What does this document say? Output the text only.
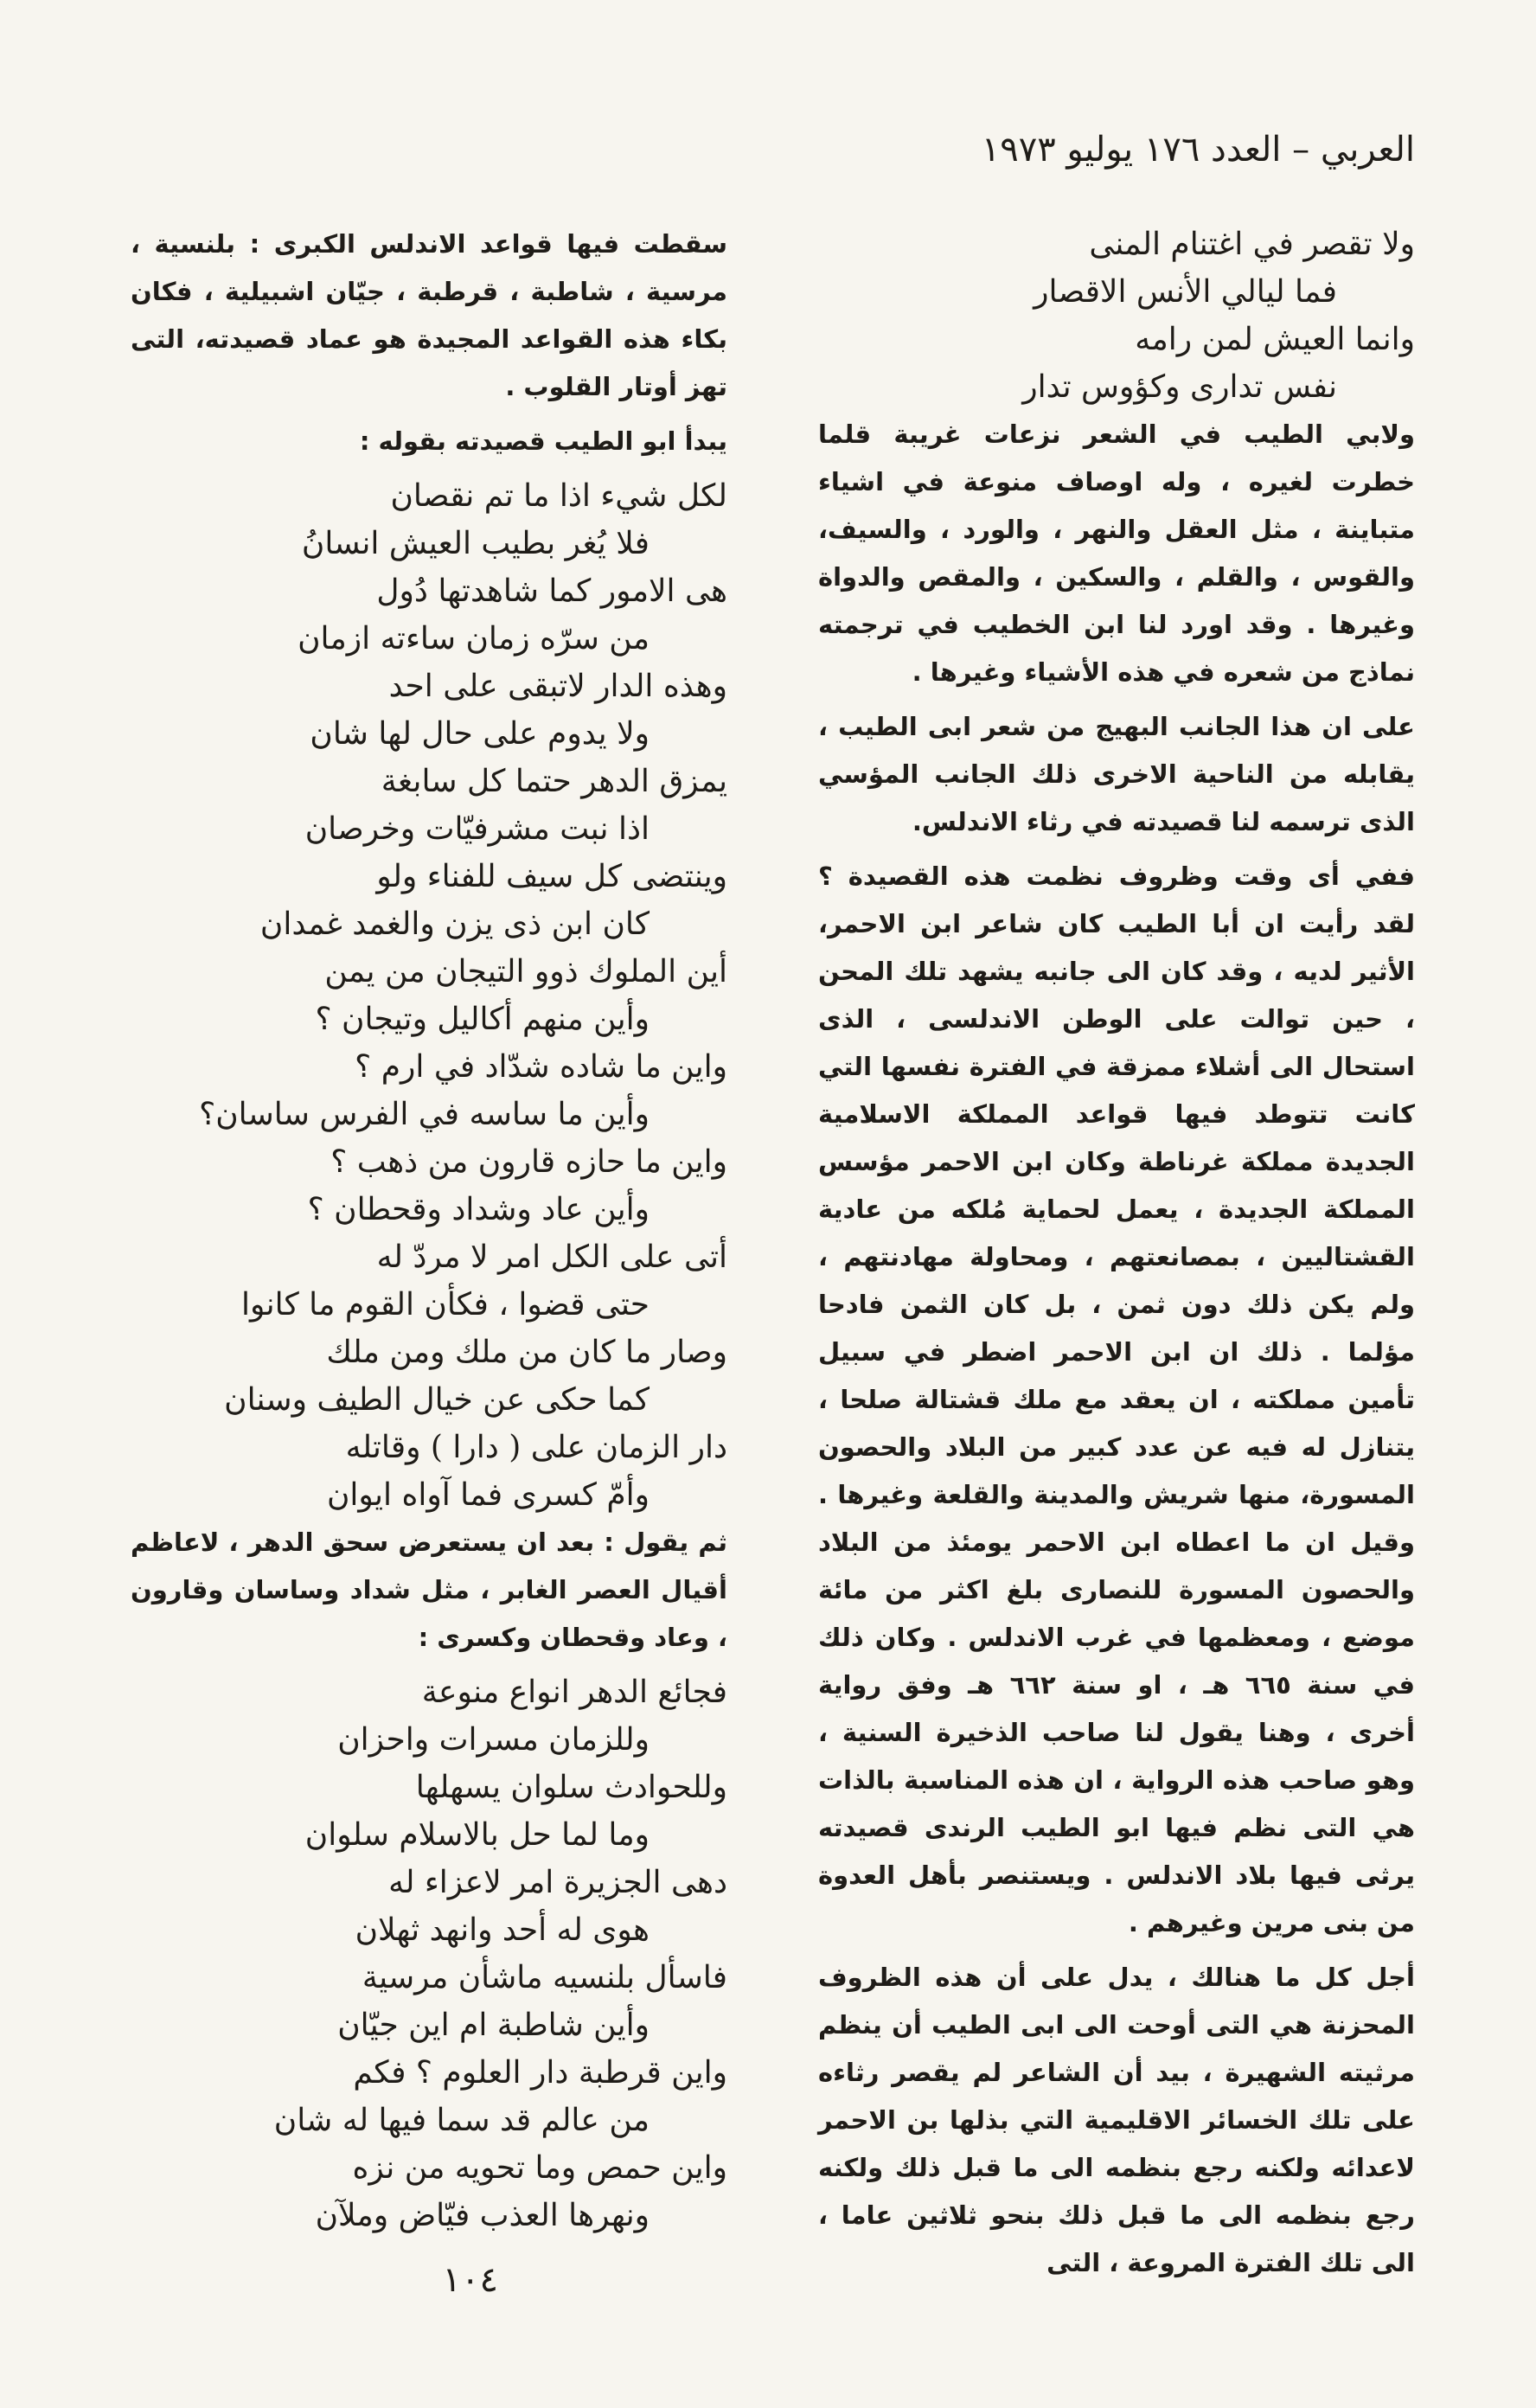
العربي – العدد ١٧٦ يوليو ١٩٧٣
ولا تقصر في اغتنام المنى
فما ليالي الأنس الاقصار
وانما العيش لمن رامه
نفس تدارى وكؤوس تدار

ولابي الطيب في الشعر نزعات غريبة قلما خطرت لغيره ، وله اوصاف منوعة في اشياء متباينة ، مثل العقل والنهر ، والورد ، والسيف، والقوس ، والقلم ، والسكين ، والمقص والدواة وغيرها . وقد اورد لنا ابن الخطيب في ترجمته نماذج من شعره في هذه الأشياء وغيرها .

على ان هذا الجانب البهيج من شعر ابى الطيب ، يقابله من الناحية الاخرى ذلك الجانب المؤسي الذى ترسمه لنا قصيدته في رثاء الاندلس.

ففي أى وقت وظروف نظمت هذه القصيدة ؟ لقد رأيت ان أبا الطيب كان شاعر ابن الاحمر، الأثير لديه ، وقد كان الى جانبه يشهد تلك المحن ، حين توالت على الوطن الاندلسى ، الذى استحال الى أشلاء ممزقة في الفترة نفسها التي كانت تتوطد فيها قواعد المملكة الاسلامية الجديدة مملكة غرناطة وكان ابن الاحمر مؤسس المملكة الجديدة ، يعمل لحماية مُلكه من عادية القشتاليين ، بمصانعتهم ، ومحاولة مهادنتهم ، ولم يكن ذلك دون ثمن ، بل كان الثمن فادحا مؤلما . ذلك ان ابن الاحمر اضطر في سبيل تأمين مملكته ، ان يعقد مع ملك قشتالة صلحا ، يتنازل له فيه عن عدد كبير من البلاد والحصون المسورة، منها شريش والمدينة والقلعة وغيرها . وقيل ان ما اعطاه ابن الاحمر يومئذ من البلاد والحصون المسورة للنصارى بلغ اكثر من مائة موضع ، ومعظمها في غرب الاندلس . وكان ذلك في سنة ٦٦٥ هـ ، او سنة ٦٦٢ هـ وفق رواية أخرى ، وهنا يقول لنا صاحب الذخيرة السنية ، وهو صاحب هذه الرواية ، ان هذه المناسبة بالذات هي التى نظم فيها ابو الطيب الرندى قصيدته يرثى فيها بلاد الاندلس . ويستنصر بأهل العدوة من بنى مرين وغيرهم .

أجل كل ما هنالك ، يدل على أن هذه الظروف المحزنة هي التى أوحت الى ابى الطيب أن ينظم مرثيته الشهيرة ، بيد أن الشاعر لم يقصر رثاءه على تلك الخسائر الاقليمية التي بذلها بن الاحمر لاعدائه ولكنه رجع بنظمه الى ما قبل ذلك ولكنه رجع بنظمه الى ما قبل ذلك بنحو ثلاثين عاما ، الى تلك الفترة المروعة ، التى

سقطت فيها قواعد الاندلس الكبرى : بلنسية ، مرسية ، شاطبة ، قرطبة ، جيّان اشبيلية ، فكان بكاء هذه القواعد المجيدة هو عماد قصيدته، التى تهز أوتار القلوب .

يبدأ ابو الطيب قصيدته بقوله :

لكل شيء اذا ما تم نقصان
فلا يُغر بطيب العيش انسانُ
هى الامور كما شاهدتها دُول
من سرّه زمان ساءته ازمان
وهذه الدار لاتبقى على احد
ولا يدوم على حال لها شان
يمزق الدهر حتما كل سابغة
اذا نبت مشرفيّات وخرصان
وينتضى كل سيف للفناء ولو
كان ابن ذى يزن والغمد غمدان
أين الملوك ذوو التيجان من يمن
وأين منهم أكاليل وتيجان ؟
واين ما شاده شدّاد في ارم ؟
وأين ما ساسه في الفرس ساسان؟
واين ما حازه قارون من ذهب ؟
وأين عاد وشداد وقحطان ؟
أتى على الكل امر لا مردّ له
حتى قضوا ، فكأن القوم ما كانوا
وصار ما كان من ملك ومن ملك
كما حكى عن خيال الطيف وسنان
دار الزمان على ( دارا ) وقاتله
وأمّ كسرى فما آواه ايوان

ثم يقول : بعد ان يستعرض سحق الدهر ، لاعاظم أقيال العصر الغابر ، مثل شداد وساسان وقارون ، وعاد وقحطان وكسرى :

فجائع الدهر انواع منوعة
وللزمان مسرات واحزان
وللحوادث سلوان يسهلها
وما لما حل بالاسلام سلوان
دهى الجزيرة امر لاعزاء له
هوى له أحد وانهد ثهلان
فاسأل بلنسيه ماشأن مرسية
وأين شاطبة ام اين جيّان
واين قرطبة دار العلوم ؟ فكم
من عالم قد سما فيها له شان
واين حمص وما تحويه من نزه
ونهرها العذب فيّاض وملآن
١٠٤
